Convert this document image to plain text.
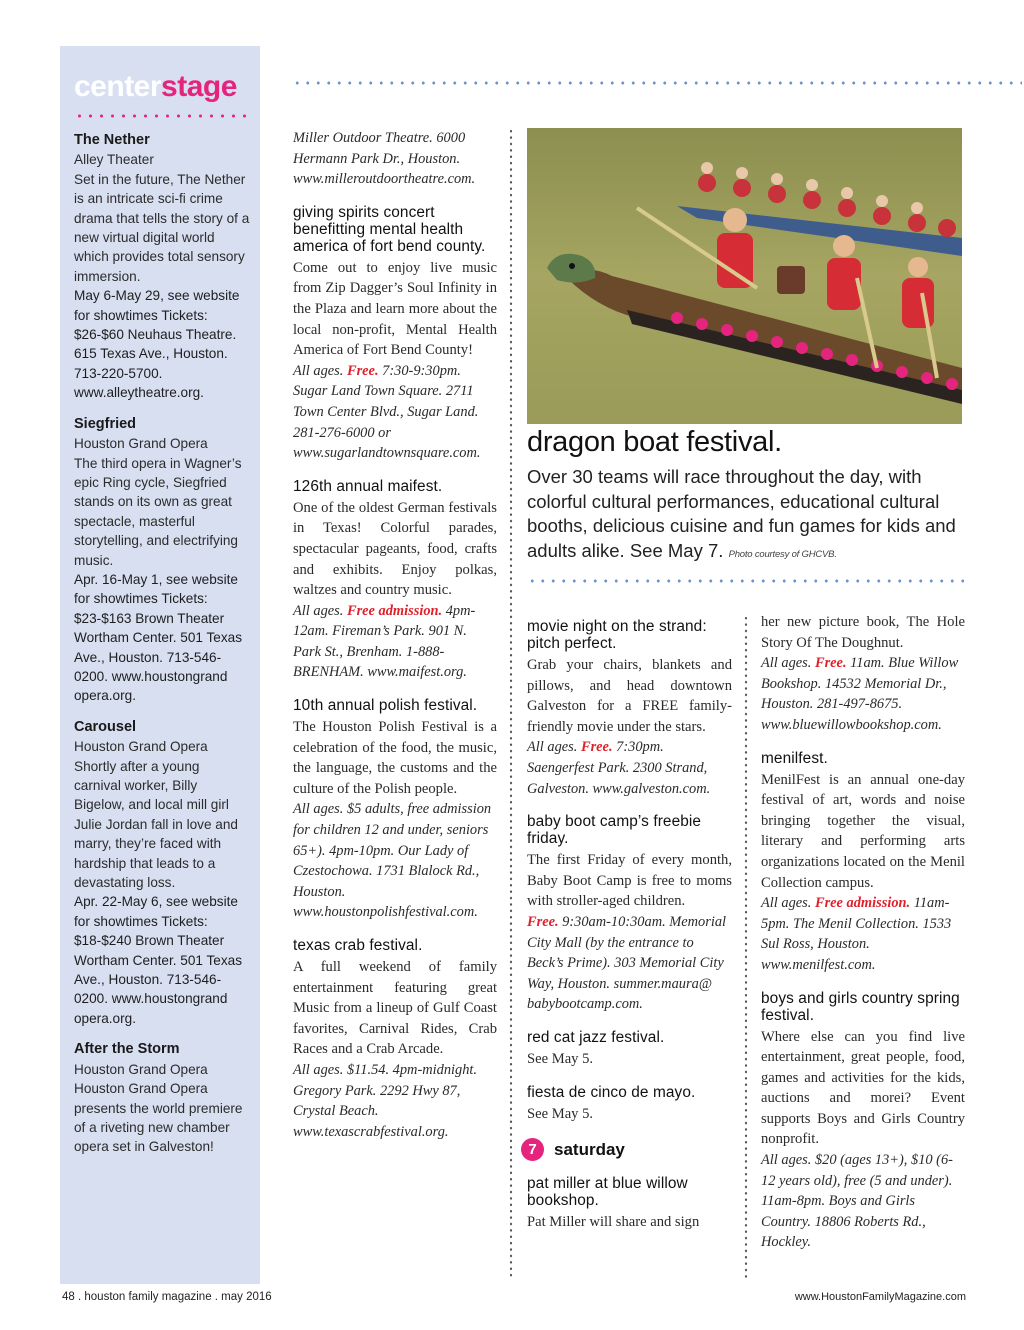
centerstage
The Nether
Alley Theater
Set in the future, The Nether is an intricate sci-fi crime drama that tells the story of a new virtual digital world which provides total sensory immersion.
May 6-May 29, see website for showtimes Tickets: $26-$60 Neuhaus Theatre. 615 Texas Ave., Houston. 713-220-5700. www.alleytheatre.org.
Siegfried
Houston Grand Opera
The third opera in Wagner’s epic Ring cycle, Siegfried stands on its own as great spectacle, masterful storytelling, and electrifying music.
Apr. 16-May 1, see website for showtimes Tickets: $23-$163 Brown Theater Wortham Center. 501 Texas Ave., Houston. 713-546-0200. www.houstongrand opera.org.
Carousel
Houston Grand Opera
Shortly after a young carnival worker, Billy Bigelow, and local mill girl Julie Jordan fall in love and marry, they’re faced with hardship that leads to a devastating loss.
Apr. 22-May 6, see website for showtimes Tickets: $18-$240 Brown Theater Wortham Center. 501 Texas Ave., Houston. 713-546-0200. www.houstongrand opera.org.
After the Storm
Houston Grand Opera
Houston Grand Opera presents the world premiere of a riveting new chamber opera set in Galveston!
Miller Outdoor Theatre. 6000 Hermann Park Dr., Houston. www.milleroutdoortheatre.com.
giving spirits concert benefitting mental health america of fort bend county.
Come out to enjoy live music from Zip Dagger’s Soul Infinity in the Plaza and learn more about the local non-profit, Mental Health America of Fort Bend County!
All ages. Free. 7:30-9:30pm. Sugar Land Town Square. 2711 Town Center Blvd., Sugar Land. 281-276-6000 or www.sugarlandtownsquare.com.
126th annual maifest.
One of the oldest German festivals in Texas! Colorful parades, spectacular pageants, food, crafts and exhibits. Enjoy polkas, waltzes and country music.
All ages. Free admission. 4pm-12am. Fireman’s Park. 901 N. Park St., Brenham. 1-888-BRENHAM. www.maifest.org.
10th annual polish festival.
The Houston Polish Festival is a celebration of the food, the music, the language, the customs and the culture of the Polish people.
All ages. $5 adults, free admission for children 12 and under, seniors 65+). 4pm-10pm. Our Lady of Czestochowa. 1731 Blalock Rd., Houston. www.houstonpolishfestival.com.
texas crab festival.
A full weekend of family entertainment featuring great Music from a lineup of Gulf Coast favorites, Carnival Rides, Crab Races and a Crab Arcade.
All ages. $11.54. 4pm-midnight. Gregory Park. 2292 Hwy 87, Crystal Beach. www.texascrabfestival.org.
dragon boat festival.
Over 30 teams will race throughout the day, with colorful cultural performances, educational cultural booths, delicious cuisine and fun games for kids and adults alike. See May 7. Photo courtesy of GHCVB.
movie night on the strand: pitch perfect.
Grab your chairs, blankets and pillows, and head downtown Galveston for a FREE family-friendly movie under the stars.
All ages. Free. 7:30pm. Saengerfest Park. 2300 Strand, Galveston. www.galveston.com.
baby boot camp’s freebie friday.
The first Friday of every month, Baby Boot Camp is free to moms with stroller-aged children.
Free. 9:30am-10:30am. Memorial City Mall (by the entrance to Beck’s Prime). 303 Memorial City Way, Houston. summer.maura@ babybootcamp.com.
red cat jazz festival.
See May 5.
fiesta de cinco de mayo.
See May 5.
7	saturday
pat miller at blue willow bookshop.
Pat Miller will share and sign
her new picture book, The Hole Story Of The Doughnut.
All ages. Free. 11am. Blue Willow Bookshop. 14532 Memorial Dr., Houston. 281-497-8675. www.bluewillowbookshop.com.
menilfest.
MenilFest is an annual one-day festival of art, words and noise bringing together the visual, literary and performing arts organizations located on the Menil Collection campus.
All ages. Free admission. 11am-5pm. The Menil Collection. 1533 Sul Ross, Houston. www.menilfest.com.
boys and girls country spring festival.
Where else can you find live entertainment, great people, food, games and activities for the kids, auctions and morei? Event supports Boys and Girls Country nonprofit.
All ages. $20 (ages 13+), $10 (6-12 years old), free (5 and under). 11am-8pm. Boys and Girls Country. 18806 Roberts Rd., Hockley.
48 . houston family magazine . may 2016	www.HoustonFamilyMagazine.com
